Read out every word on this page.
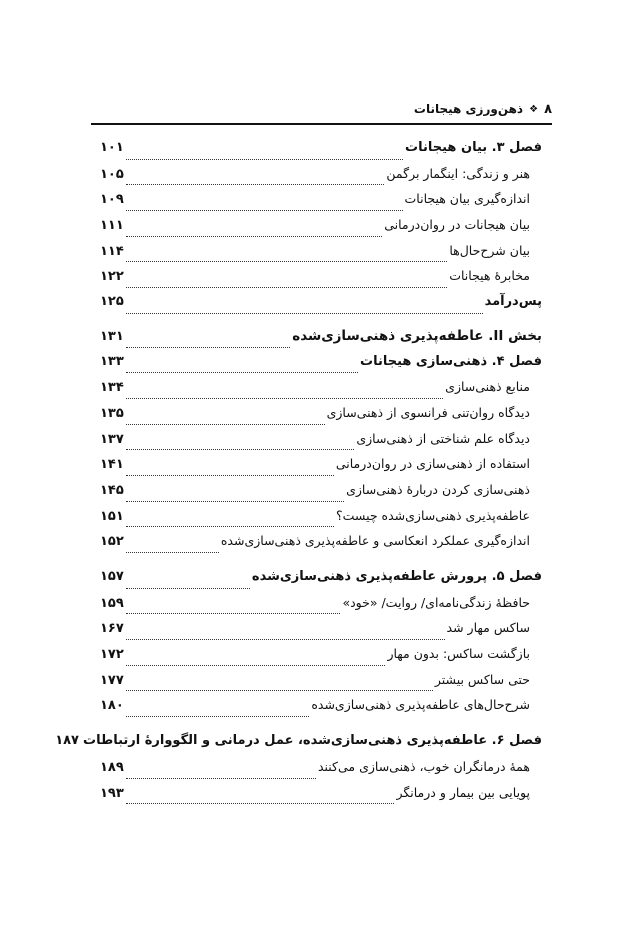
۸
❖
ذهن‌ورزی هیجانات
فصل ۳. بیان هیجانات
۱۰۱
هنر و زندگی: اینگمار برگمن
۱۰۵
اندازه‌گیری بیان هیجانات
۱۰۹
بیان هیجانات در روان‌درمانی
۱۱۱
بیان شرح‌حال‌ها
۱۱۴
مخابرهٔ هیجانات
۱۲۲
پس‌درآمد
۱۲۵
بخش II. عاطفه‌پذیری ذهنی‌سازی‌شده
۱۳۱
فصل ۴. ذهنی‌سازی هیجانات
۱۳۳
منابع ذهنی‌سازی
۱۳۴
دیدگاه روان‌تنی فرانسوی از ذهنی‌سازی
۱۳۵
دیدگاه علم شناختی از ذهنی‌سازی
۱۳۷
استفاده از ذهنی‌سازی در روان‌درمانی
۱۴۱
ذهنی‌سازی کردن دربارهٔ ذهنی‌سازی
۱۴۵
عاطفه‌پذیری ذهنی‌سازی‌شده چیست؟
۱۵۱
اندازه‌گیری عملکرد انعکاسی و عاطفه‌پذیری ذهنی‌سازی‌شده
۱۵۲
فصل ۵. پرورش عاطفه‌پذیری ذهنی‌سازی‌شده
۱۵۷
حافظهٔ زندگی‌نامه‌ای/ روایت/ «خود»
۱۵۹
ساکس مهار شد
۱۶۷
بازگشت ساکس: بدون مهار
۱۷۲
حتی ساکس بیشتر
۱۷۷
شرح‌حال‌های عاطفه‌پذیری ذهنی‌سازی‌شده
۱۸۰
فصل ۶. عاطفه‌پذیری ذهنی‌سازی‌شده، عمل درمانی و الگووارهٔ ارتباطات
۱۸۷
همهٔ درمانگران خوب، ذهنی‌سازی می‌کنند
۱۸۹
پویایی بین بیمار و درمانگر
۱۹۳
